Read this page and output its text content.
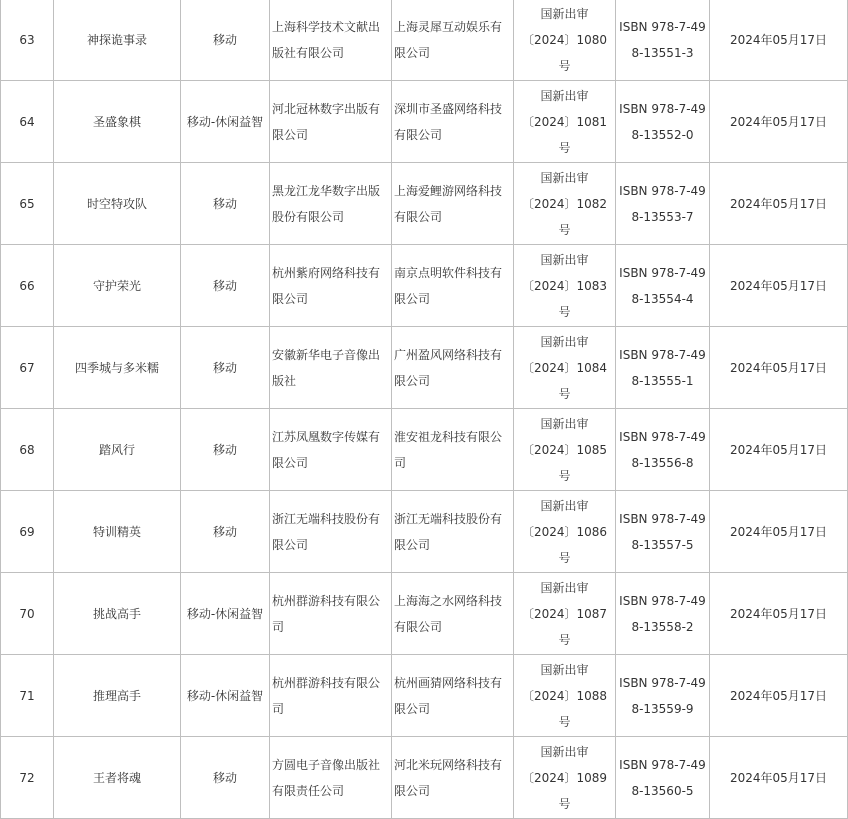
63	神探诡事录	移动	上海科学技术文献出版社有限公司	上海灵犀互动娱乐有限公司	国新出审
〔2024〕1080
号	ISBN 978-7-498-13551-3	2024年05月17日
64	圣盛象棋	移动-休闲益智	河北冠林数字出版有限公司	深圳市圣盛网络科技有限公司	国新出审
〔2024〕1081
号	ISBN 978-7-498-13552-0	2024年05月17日
65	时空特攻队	移动	黑龙江龙华数字出版股份有限公司	上海爱鲤游网络科技有限公司	国新出审
〔2024〕1082
号	ISBN 978-7-498-13553-7	2024年05月17日
66	守护荣光	移动	杭州紫府网络科技有限公司	南京点明软件科技有限公司	国新出审
〔2024〕1083
号	ISBN 978-7-498-13554-4	2024年05月17日
67	四季城与多米糯	移动	安徽新华电子音像出版社	广州盈风网络科技有限公司	国新出审
〔2024〕1084
号	ISBN 978-7-498-13555-1	2024年05月17日
68	踏风行	移动	江苏凤凰数字传媒有限公司	淮安祖龙科技有限公司	国新出审
〔2024〕1085
号	ISBN 978-7-498-13556-8	2024年05月17日
69	特训精英	移动	浙江无端科技股份有限公司	浙江无端科技股份有限公司	国新出审
〔2024〕1086
号	ISBN 978-7-498-13557-5	2024年05月17日
70	挑战高手	移动-休闲益智	杭州群游科技有限公司	上海海之水网络科技有限公司	国新出审
〔2024〕1087
号	ISBN 978-7-498-13558-2	2024年05月17日
71	推理高手	移动-休闲益智	杭州群游科技有限公司	杭州画猜网络科技有限公司	国新出审
〔2024〕1088
号	ISBN 978-7-498-13559-9	2024年05月17日
72	王者将魂	移动	方圆电子音像出版社有限责任公司	河北米玩网络科技有限公司	国新出审
〔2024〕1089
号	ISBN 978-7-498-13560-5	2024年05月17日
